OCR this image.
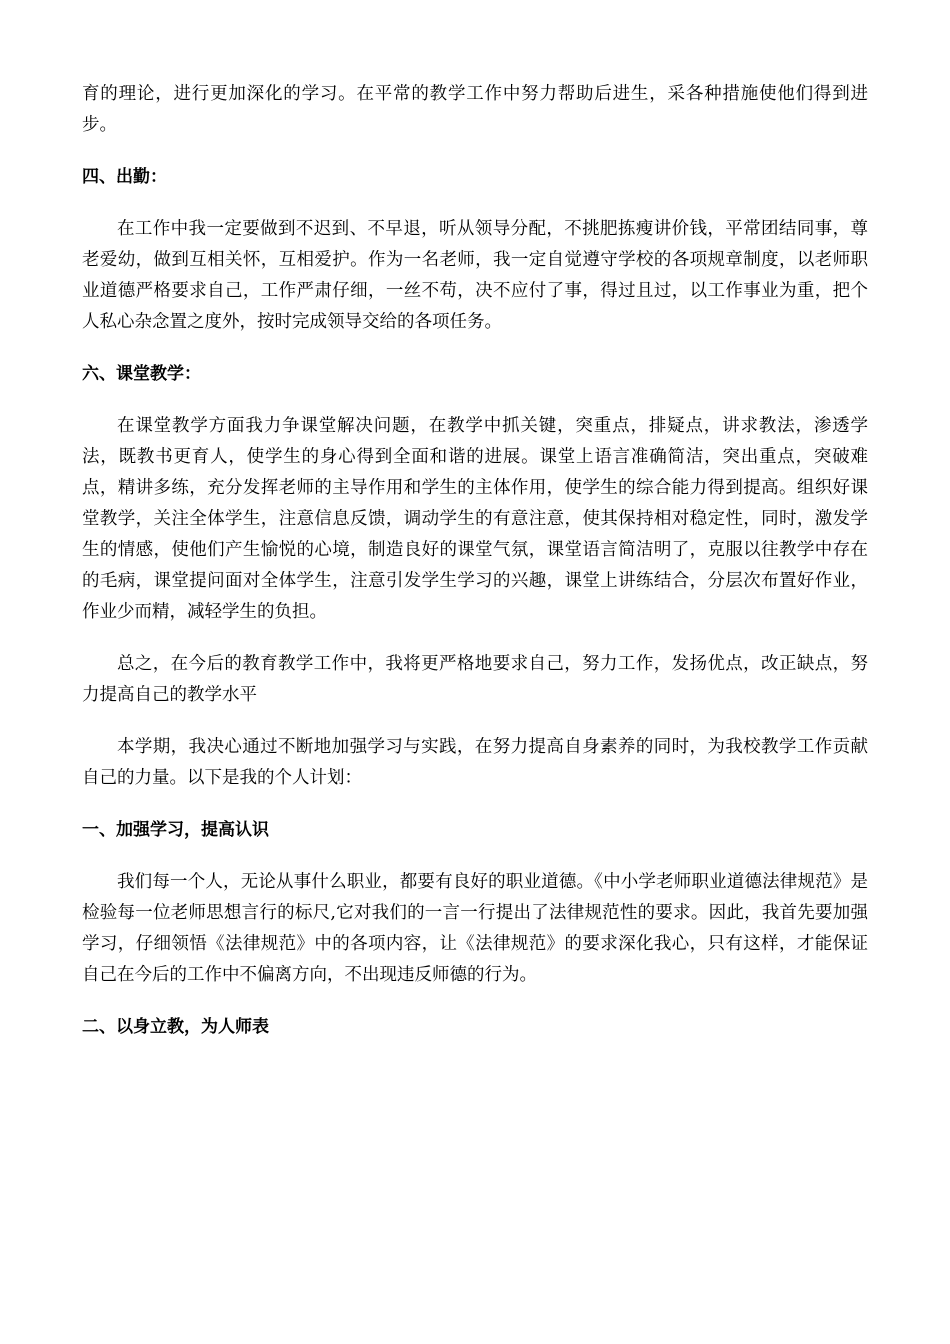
育的理论，进行更加深化的学习。在平常的教学工作中努力帮助后进生，采各种措施使他们得到进步。

四、出勤：

在工作中我一定要做到不迟到、不早退，听从领导分配，不挑肥拣瘦讲价钱，平常团结同事，尊老爱幼，做到互相关怀，互相爱护。作为一名老师，我一定自觉遵守学校的各项规章制度，以老师职业道德严格要求自己，工作严肃仔细，一丝不苟，决不应付了事，得过且过，以工作事业为重，把个人私心杂念置之度外，按时完成领导交给的各项任务。

六、课堂教学：

在课堂教学方面我力争课堂解决问题，在教学中抓关键，突重点，排疑点，讲求教法，渗透学法，既教书更育人，使学生的身心得到全面和谐的进展。课堂上语言准确简洁，突出重点，突破难点，精讲多练，充分发挥老师的主导作用和学生的主体作用，使学生的综合能力得到提高。组织好课堂教学，关注全体学生，注意信息反馈，调动学生的有意注意，使其保持相对稳定性，同时，激发学生的情感，使他们产生愉悦的心境，制造良好的课堂气氛，课堂语言简洁明了，克服以往教学中存在的毛病，课堂提问面对全体学生，注意引发学生学习的兴趣，课堂上讲练结合，分层次布置好作业，作业少而精，减轻学生的负担。

总之，在今后的教育教学工作中，我将更严格地要求自己，努力工作，发扬优点，改正缺点，努力提高自己的教学水平

本学期，我决心通过不断地加强学习与实践，在努力提高自身素养的同时，为我校教学工作贡献自己的力量。以下是我的个人计划：

一、加强学习，提高认识

我们每一个人，无论从事什么职业，都要有良好的职业道德。《中小学老师职业道德法律规范》是检验每一位老师思想言行的标尺,它对我们的一言一行提出了法律规范性的要求。因此，我首先要加强学习，仔细领悟《法律规范》中的各项内容，让《法律规范》的要求深化我心，只有这样，才能保证自己在今后的工作中不偏离方向，不出现违反师德的行为。

二、以身立教，为人师表
